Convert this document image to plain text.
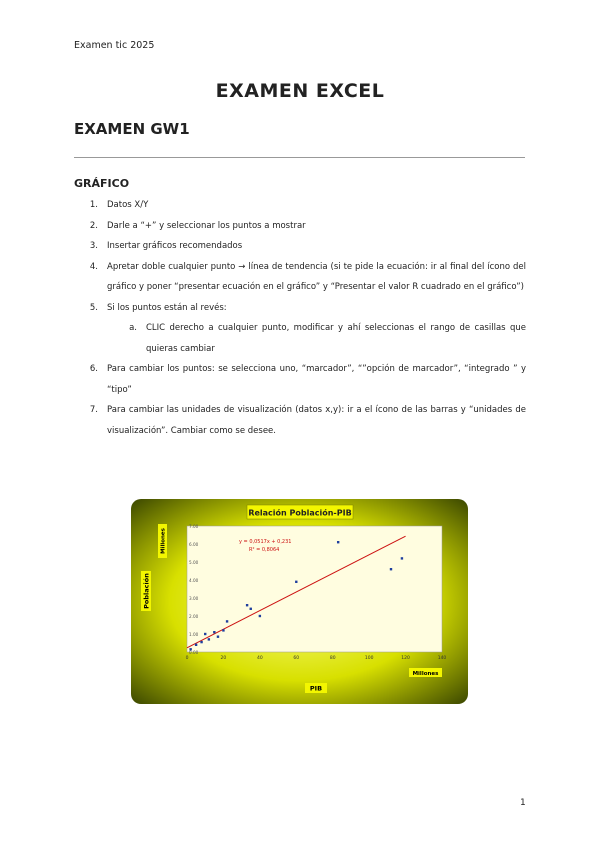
Examen tic 2025
EXAMEN EXCEL
EXAMEN GW1
GRÁFICO
1.	Datos X/Y
2.	Darle a “+” y seleccionar los puntos a mostrar
3.	Insertar gráficos recomendados
4.	Apretar doble cualquier punto → línea de tendencia (si te pide la ecuación: ir al final del ícono del gráfico y poner “presentar ecuación en el gráfico” y “Presentar el valor R cuadrado en el gráfico”)
5.	Si los puntos están al revés:
a.	CLIC derecho a cualquier punto, modificar y ahí seleccionas el rango de casillas que quieras cambiar
6.	Para cambiar los puntos: se selecciona uno, “marcador”, “”opción de marcador”, “integrado ” y “tipo”
7.	Para cambiar las unidades de visualización (datos x,y): ir a el ícono de las barras y “unidades de visualización”. Cambiar como se desee.
Relación Población-PIB
0.00
1.00
2.00
3.00
4.00
5.00
6.00
7.00
0	20	40	60	80	100	120	140
y = 0,0517x + 0,231
R² = 0,8064
Millones
PIB
Población
Millones
1
